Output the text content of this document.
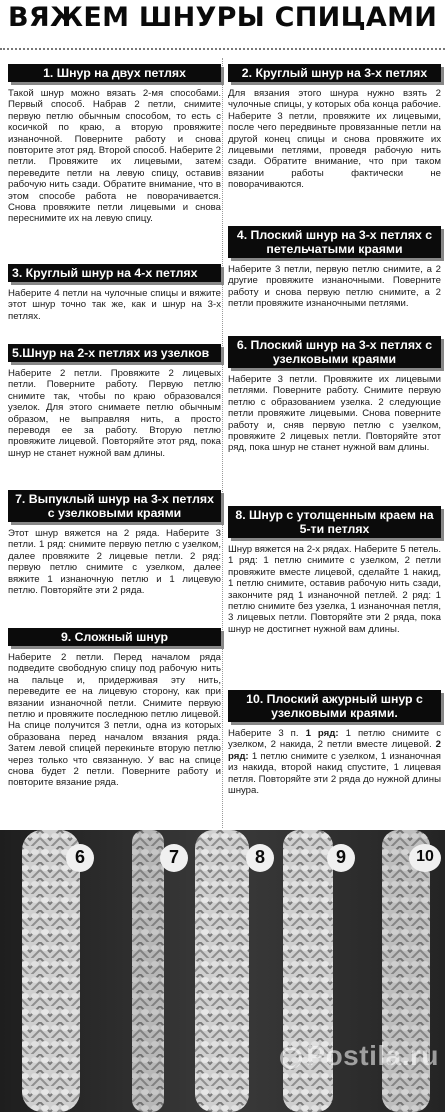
ВЯЖЕМ ШНУРЫ СПИЦАМИ
1. Шнур на двух петлях
Такой шнур можно вязать 2-мя способами. Первый способ. Набрав 2 петли, снимите первую петлю обычным способом, то есть с косичкой по краю, а вторую провяжите изнаночной. Поверните работу и снова повторите этот ряд. Второй способ. Наберите 2 петли. Провяжите их лицевыми, затем переведите петли на левую спицу, оставив рабочую нить сзади. Обратите внимание, что в этом способе работа не поворачивается. Снова провяжите петли лицевыми и снова переснимите их на левую спицу.
3. Круглый шнур на 4-х петлях
Наберите 4 петли на чулочные спицы и вяжите этот шнур точно так же, как и шнур на 3-х петлях.
5.Шнур на 2-х петлях из узелков
Наберите 2 петли. Провяжите 2 лицевых петли. Поверните работу. Первую петлю снимите так, чтобы по краю образовался узелок. Для этого снимаете петлю обычным образом, не выправляя нить, а просто переводя ее за работу. Вторую петлю провяжите лицевой. Повторяйте этот ряд, пока шнур не станет нужной вам длины.
7. Выпуклый шнур на 3-х петлях с узелковыми краями
Этот шнур вяжется на 2 ряда. Наберите 3 петли. 1 ряд: снимите первую петлю с узелком, далее провяжите 2 лицевые петли. 2 ряд: первую петлю снимите с узелком, далее вяжите 1 изнаночную петлю и 1 лицевую петлю. Повторяйте эти 2 ряда.
9. Сложный шнур
Наберите 2 петли. Перед началом ряда подведите свободную спицу под рабочую нить на пальце и, придерживая эту нить, переведите ее на лицевую сторону, как при вязании изнаночной петли. Снимите первую петлю и провяжите последнюю петлю лицевой. На спице получится 3 петли, одна из которых образована перед началом вязания ряда. Затем левой спицей перекиньте вторую петлю через только что связанную. У вас на спице снова будет 2 петли. Поверните работу и повторите вязание ряда.
2. Круглый шнур на 3-х петлях
Для вязания этого шнура нужно взять 2 чулочные спицы, у которых оба конца рабочие. Наберите 3 петли, провяжите их лицевыми, после чего передвиньте провязанные петли на другой конец спицы и снова провяжите их лицевыми петлями, проведя рабочую нить сзади. Обратите внимание, что при таком вязании работы фактически не поворачиваются.
4. Плоский шнур на 3-х петлях с петельчатыми краями
Наберите 3 петли, первую петлю снимите, а 2 другие провяжите изнаночными. Поверните работу и снова первую петлю снимите, а 2 петли провяжите изнаночными петлями.
6. Плоский шнур на 3-х петлях с узелковыми краями
Наберите 3 петли. Провяжите их лицевыми петлями. Поверните работу. Снимите первую петлю с образованием узелка. 2 следующие петли провяжите лицевыми. Снова поверните работу и, сняв первую петлю с узелком, провяжите 2 лицевых петли. Повторяйте этот ряд, пока шнур не станет нужной вам длины.
8. Шнур с утолщенным краем на 5-ти петлях
Шнур вяжется на 2-х рядах. Наберите 5 петель. 1 ряд: 1 петлю снимите с узелком, 2 петли провяжите вместе лицевой, сделайте 1 накид, 1 петлю снимите, оставив рабочую нить сзади, закончите ряд 1 изнаночной петлей. 2 ряд: 1 петлю снимите без узелка, 1 изнаночная петля, 3 лицевых петли. Повторяйте эти 2 ряда, пока шнур не достигнет нужной вам длины.
10. Плоский ажурный шнур с узелковыми краями.
Наберите 3 п. 1 ряд: 1 петлю снимите с узелком, 2 накида, 2 петли вместе лицевой. 2 ряд: 1 петлю снимите с узелком, 1 изнаночная из накида, второй накид спустите, 1 лицевая петля. Повторяйте эти 2 ряда до нужной длины шнура.
6	7	8	9	10
Postila.ru
